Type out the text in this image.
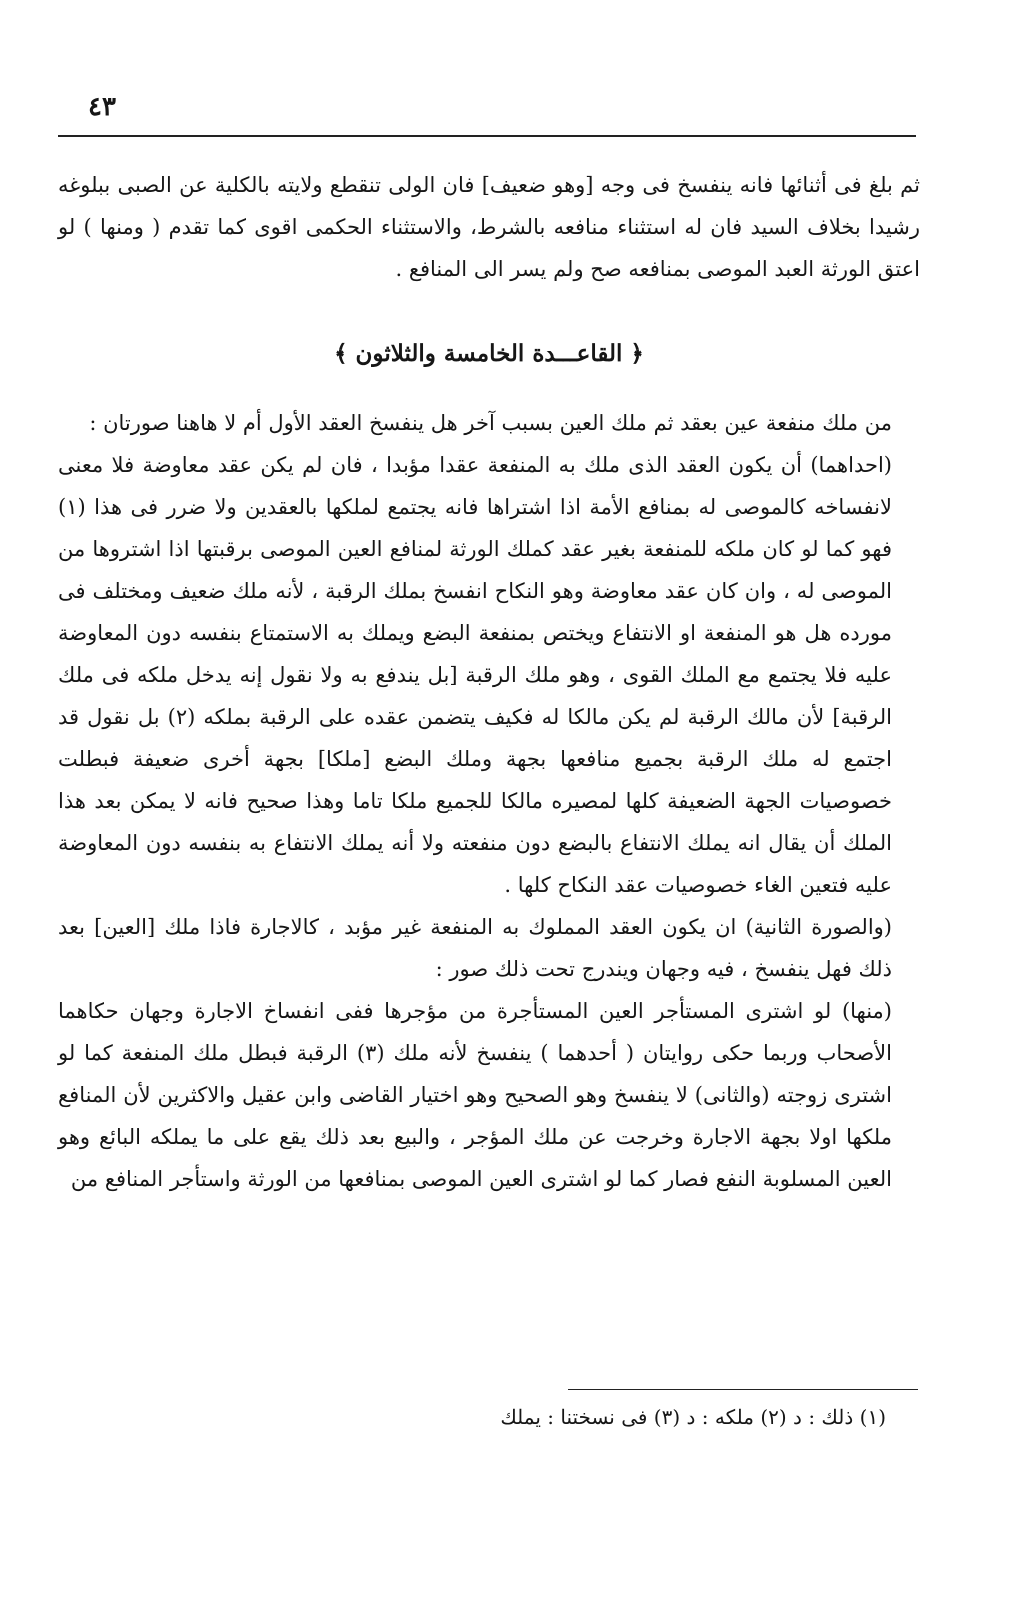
٤٣

ثم بلغ فى أثنائها فانه ينفسخ فى وجه [وهو ضعيف] فان الولى تنقطع ولايته بالكلية عن الصبى ببلوغه رشيدا بخلاف السيد فان له استثناء منافعه بالشرط، والاستثناء الحكمى اقوى كما تقدم ( ومنها ) لو اعتق الورثة العبد الموصى بمنافعه صح ولم يسر الى المنافع .

﴿ القاعـــدة الخامسة والثلاثون ﴾

من ملك منفعة عين بعقد ثم ملك العين بسبب آخر هل ينفسخ العقد الأول أم لا هاهنا صورتان :

(احداهما) أن يكون العقد الذى ملك به المنفعة عقدا مؤبدا ، فان لم يكن عقد معاوضة فلا معنى لانفساخه كالموصى له بمنافع الأمة اذا اشتراها فانه يجتمع لملكها بالعقدين ولا ضرر فى هذا (١) فهو كما لو كان ملكه للمنفعة بغير عقد كملك الورثة لمنافع العين الموصى برقبتها اذا اشتروها من الموصى له ، وان كان عقد معاوضة وهو النكاح انفسخ بملك الرقبة ، لأنه ملك ضعيف ومختلف فى مورده هل هو المنفعة او الانتفاع ويختص بمنفعة البضع ويملك به الاستمتاع بنفسه دون المعاوضة عليه فلا يجتمع مع الملك القوى ، وهو ملك الرقبة [بل يندفع به ولا نقول إنه يدخل ملكه فى ملك الرقبة] لأن مالك الرقبة لم يكن مالكا له فكيف يتضمن عقده على الرقبة بملكه (٢) بل نقول قد اجتمع له ملك الرقبة بجميع منافعها بجهة وملك البضع [ملكا] بجهة أخرى ضعيفة فبطلت خصوصيات الجهة الضعيفة كلها لمصيره مالكا للجميع ملكا تاما وهذا صحيح فانه لا يمكن بعد هذا الملك أن يقال انه يملك الانتفاع بالبضع دون منفعته ولا أنه يملك الانتفاع به بنفسه دون المعاوضة عليه فتعين الغاء خصوصيات عقد النكاح كلها .

(والصورة الثانية) ان يكون العقد المملوك به المنفعة غير مؤبد ، كالاجارة فاذا ملك [العين] بعد ذلك فهل ينفسخ ، فيه وجهان ويندرج تحت ذلك صور :

(منها) لو اشترى المستأجر العين المستأجرة من مؤجرها ففى انفساخ الاجارة وجهان حكاهما الأصحاب وربما حكى روايتان ( أحدهما ) ينفسخ لأنه ملك (٣) الرقبة فبطل ملك المنفعة كما لو اشترى زوجته (والثانى) لا ينفسخ وهو الصحيح وهو اختيار القاضى وابن عقيل والاكثرين لأن المنافع ملكها اولا بجهة الاجارة وخرجت عن ملك المؤجر ، والبيع بعد ذلك يقع على ما يملكه البائع وهو العين المسلوبة النفع فصار كما لو اشترى العين الموصى بمنافعها من الورثة واستأجر المنافع من

(١) ذلك : د (٢) ملكه : د (٣) فى نسختنا : يملك
